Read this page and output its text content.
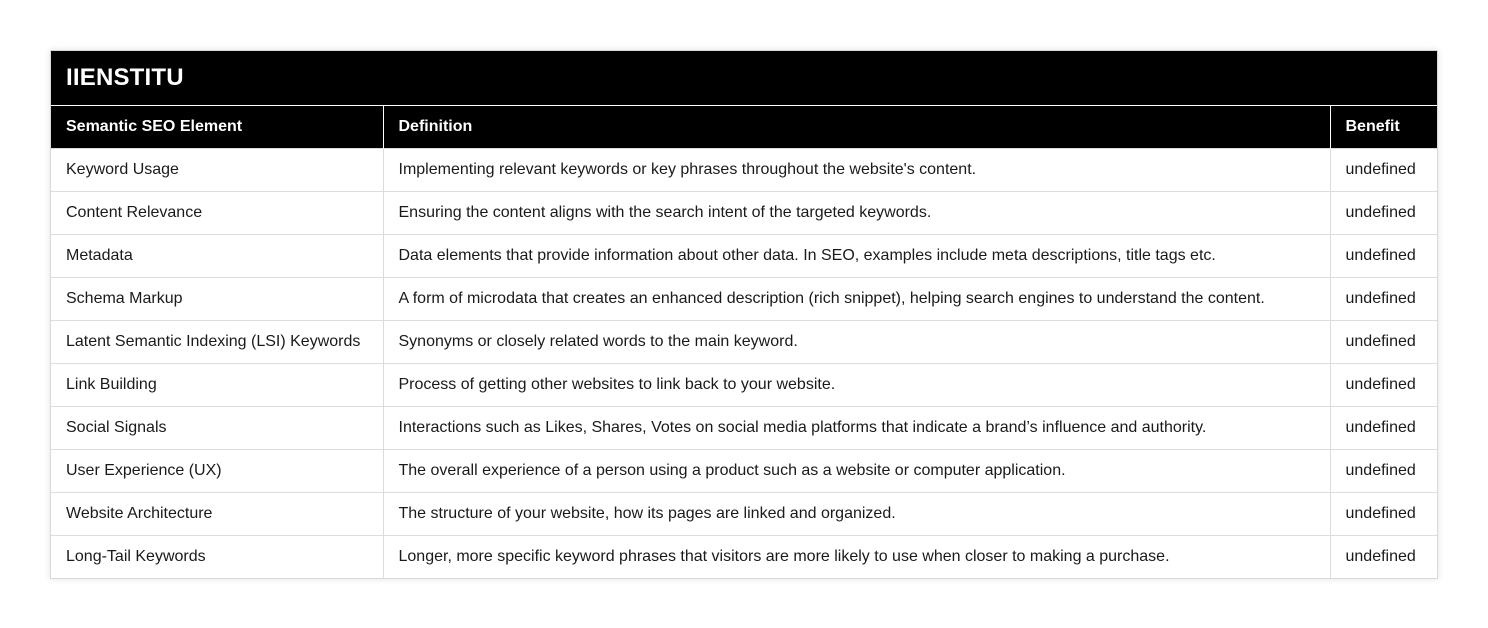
IIENSTITU
Semantic SEO Element	Definition	Benefit
Keyword Usage	Implementing relevant keywords or key phrases throughout the website's content.	undefined
Content Relevance	Ensuring the content aligns with the search intent of the targeted keywords.	undefined
Metadata	Data elements that provide information about other data. In SEO, examples include meta descriptions, title tags etc.	undefined
Schema Markup	A form of microdata that creates an enhanced description (rich snippet), helping search engines to understand the content.	undefined
Latent Semantic Indexing (LSI) Keywords	Synonyms or closely related words to the main keyword.	undefined
Link Building	Process of getting other websites to link back to your website.	undefined
Social Signals	Interactions such as Likes, Shares, Votes on social media platforms that indicate a brand’s influence and authority.	undefined
User Experience (UX)	The overall experience of a person using a product such as a website or computer application.	undefined
Website Architecture	The structure of your website, how its pages are linked and organized.	undefined
Long-Tail Keywords	Longer, more specific keyword phrases that visitors are more likely to use when closer to making a purchase.	undefined
